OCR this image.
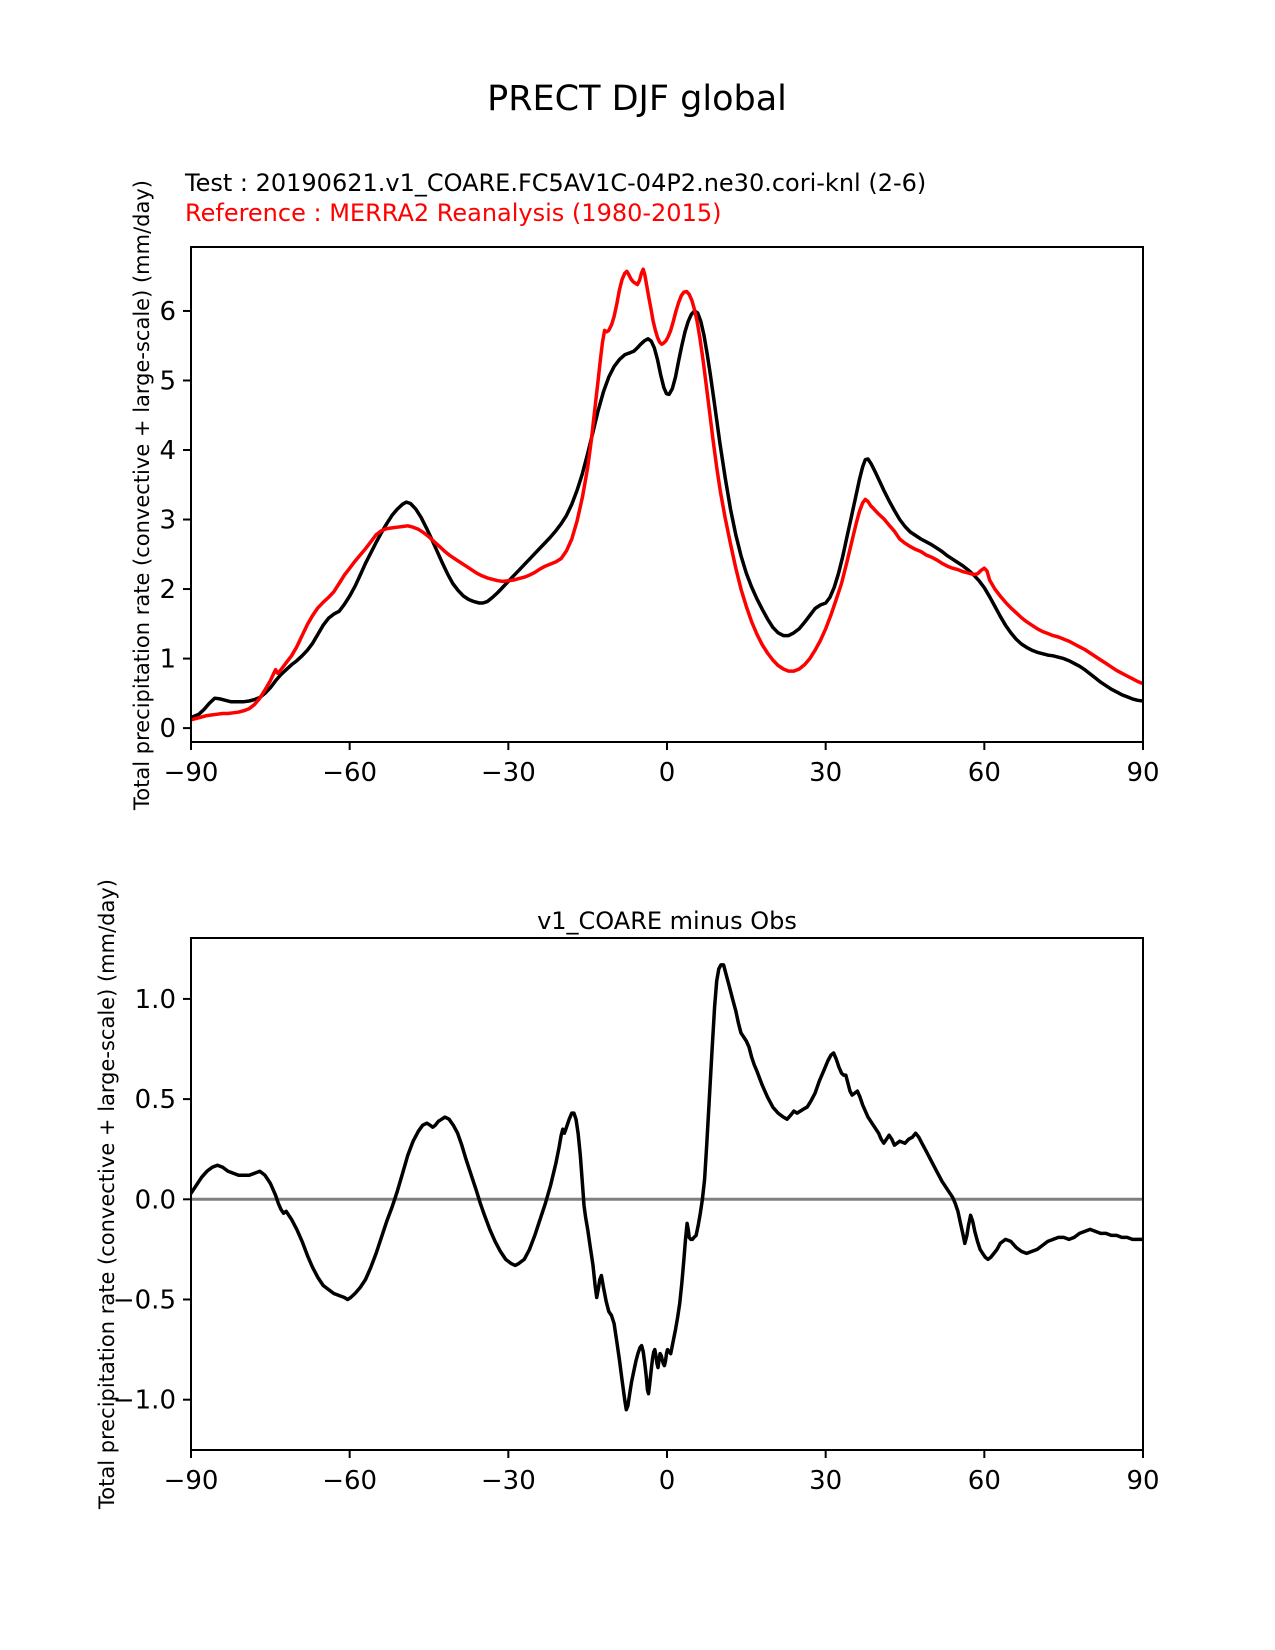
PRECT DJF global
Test : 20190621.v1_COARE.FC5AV1C-04P2.ne30.cori-knl (2-6)
Reference : MERRA2 Reanalysis (1980-2015)
Total precipitation rate (convective + large-scale) (mm/day)
v1_COARE minus Obs
Total precipitation rate (convective + large-scale) (mm/day)
−90	−60	−30	0	30	60	90
0
1
2
3
4
5
6
−90	−60	−30	0	30	60	90
1.0
0.5
0.0
−0.5
−1.0
